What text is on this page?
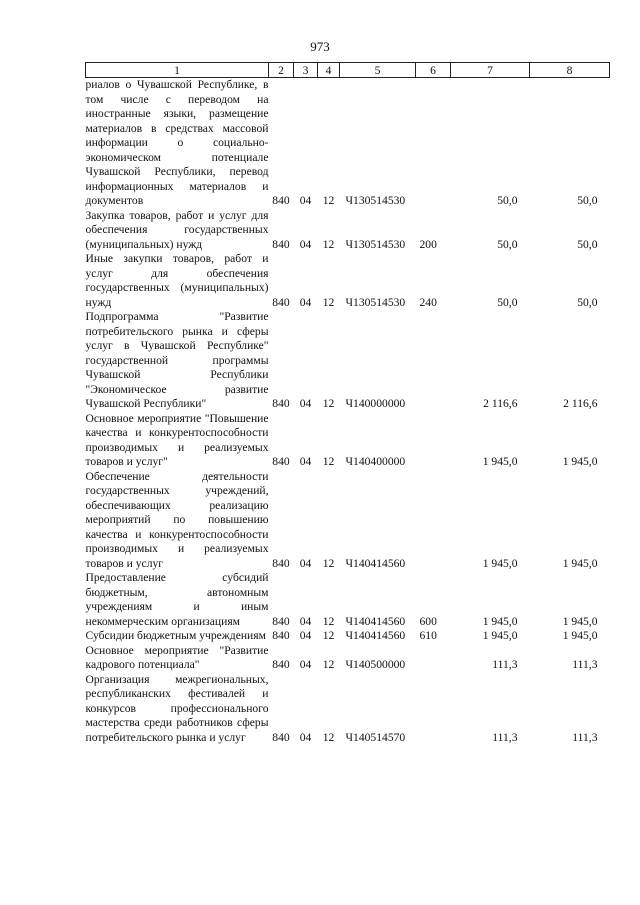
973
1	2	3	4	5	6	7	8
риалов о Чувашской Республике, в том числе с переводом на иностранные языки, размещение материалов в средствах массовой информации о социально-экономическом потенциале Чувашской Республики, перевод информационных материалов и документов	840	04	12	Ч130514530		50,0	50,0
Закупка товаров, работ и услуг для обеспечения государственных (муниципальных) нужд	840	04	12	Ч130514530	200	50,0	50,0
Иные закупки товаров, работ и услуг для обеспечения государственных (муниципальных) нужд	840	04	12	Ч130514530	240	50,0	50,0
Подпрограмма "Развитие потребительского рынка и сферы услуг в Чувашской Республике" государственной программы Чувашской Республики "Экономическое развитие Чувашской Республики"	840	04	12	Ч140000000		2 116,6	2 116,6
Основное мероприятие "Повышение качества и конкурентоспособности производимых и реализуемых товаров и услуг"	840	04	12	Ч140400000		1 945,0	1 945,0
Обеспечение деятельности государственных учреждений, обеспечивающих реализацию мероприятий по повышению качества и конкурентоспособности производимых и реализуемых товаров и услуг	840	04	12	Ч140414560		1 945,0	1 945,0
Предоставление субсидий бюджетным, автономным учреждениям и иным некоммерческим организациям	840	04	12	Ч140414560	600	1 945,0	1 945,0
Субсидии бюджетным учреждениям	840	04	12	Ч140414560	610	1 945,0	1 945,0
Основное мероприятие "Развитие кадрового потенциала"	840	04	12	Ч140500000		111,3	111,3
Организация межрегиональных, республиканских фестивалей и конкурсов профессионального мастерства среди работников сферы потребительского рынка и услуг	840	04	12	Ч140514570		111,3	111,3
